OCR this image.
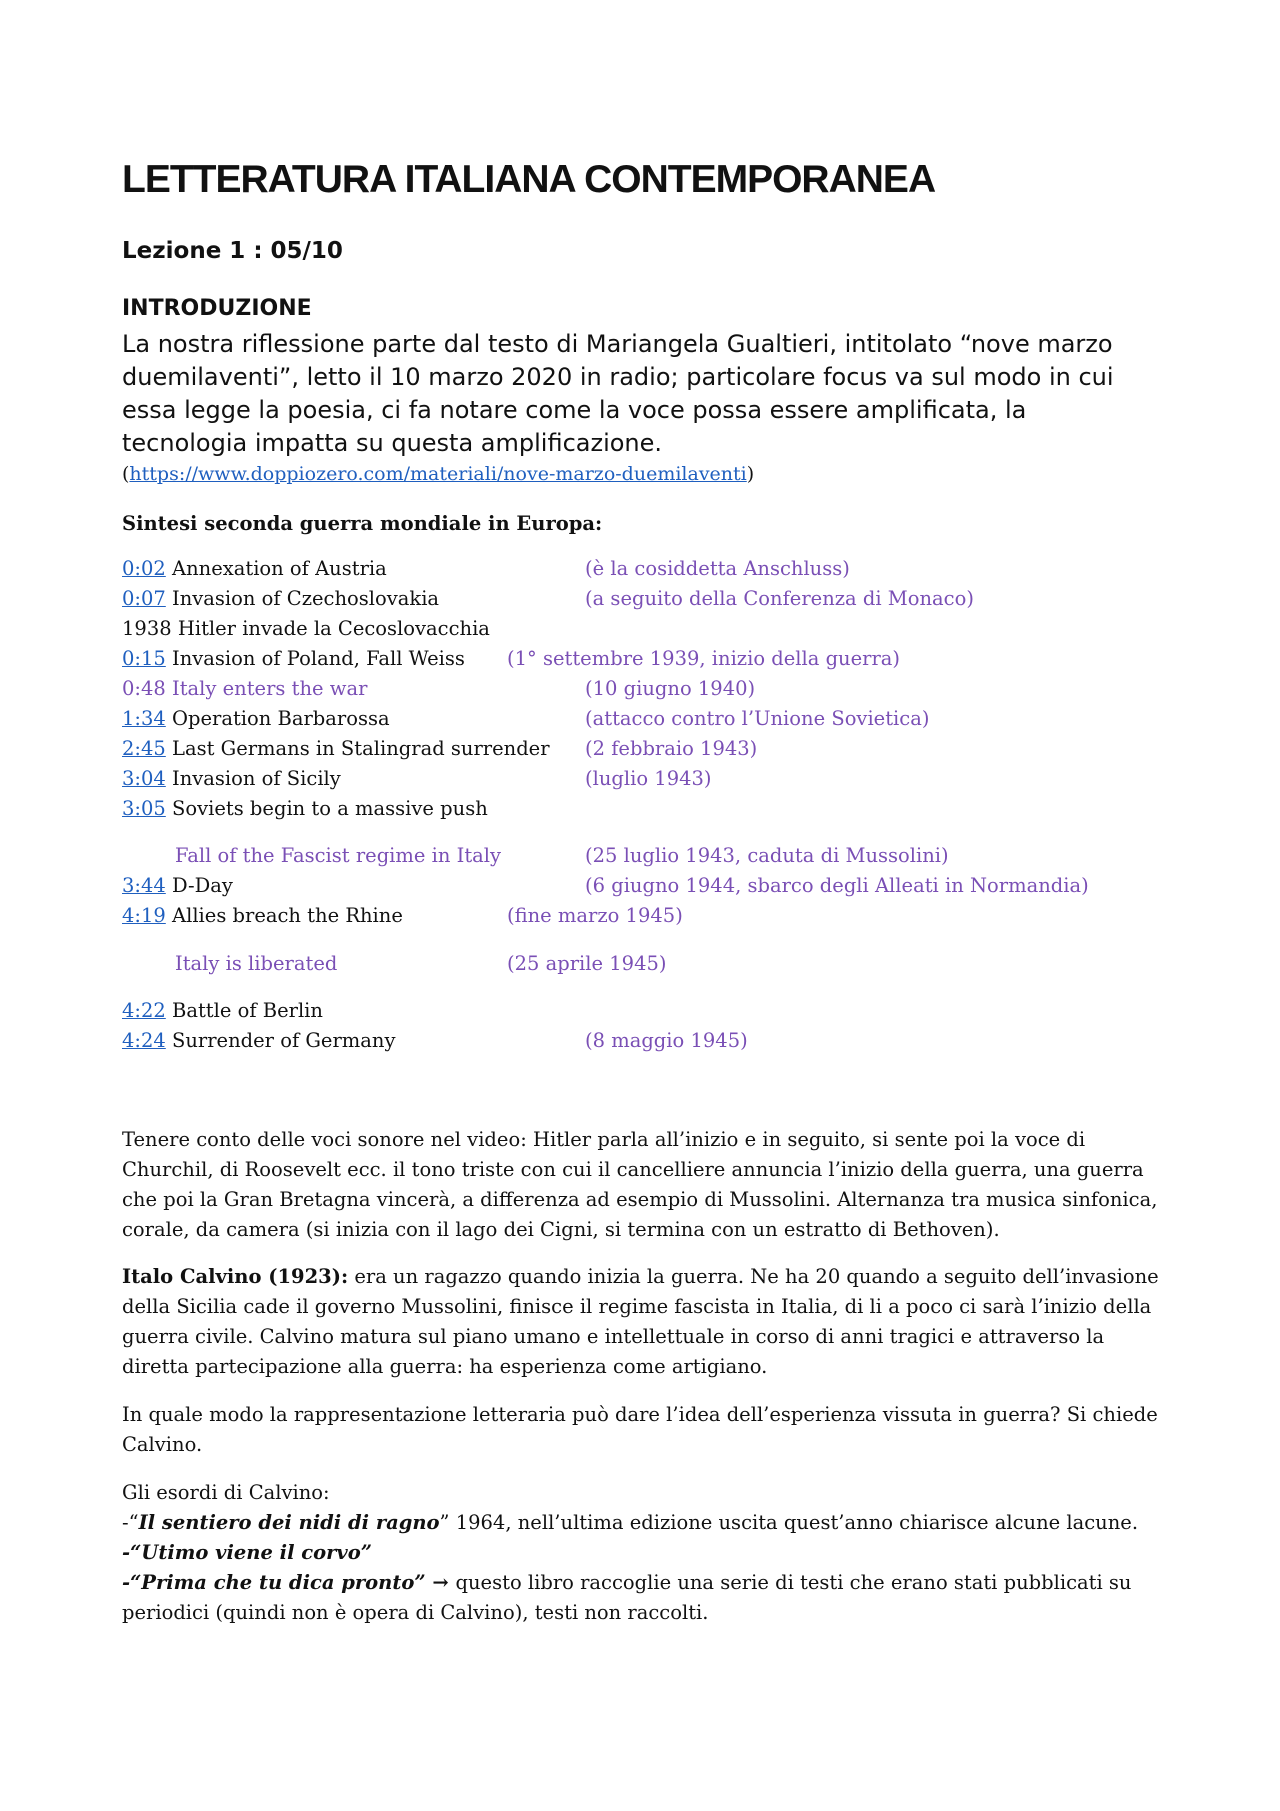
LETTERATURA ITALIANA CONTEMPORANEA
Lezione 1 : 05/10
INTRODUZIONE

La nostra riflessione parte dal testo di Mariangela Gualtieri, intitolato “nove marzo duemilaventi”, letto il 10 marzo 2020 in radio; particolare focus va sul modo in cui essa legge la poesia, ci fa notare come la voce possa essere amplificata, la tecnologia impatta su questa amplificazione.

(https://www.doppiozero.com/materiali/nove-marzo-duemilaventi)
Sintesi seconda guerra mondiale in Europa:
0:02 Annexation of Austria	(è la cosiddetta Anschluss)
0:07 Invasion of Czechoslovakia	(a seguito della Conferenza di Monaco)
1938 Hitler invade la Cecoslovacchia
0:15 Invasion of Poland, Fall Weiss (1° settembre 1939, inizio della guerra)
0:48 Italy enters the war	(10 giugno 1940)
1:34 Operation Barbarossa	(attacco contro l’Unione Sovietica)
2:45 Last Germans in Stalingrad surrender (2 febbraio 1943)
3:04 Invasion of Sicily	(luglio 1943)
3:05 Soviets begin to a massive push
Fall of the Fascist regime in Italy	(25 luglio 1943, caduta di Mussolini)
3:44 D-Day	(6 giugno 1944, sbarco degli Alleati in Normandia)
4:19 Allies breach the Rhine	(fine marzo 1945)
Italy is liberated	(25 aprile 1945)
4:22 Battle of Berlin
4:24 Surrender of Germany	(8 maggio 1945)

Tenere conto delle voci sonore nel video: Hitler parla all’inizio e in seguito, si sente poi la voce di Churchil, di Roosevelt ecc. il tono triste con cui il cancelliere annuncia l’inizio della guerra, una guerra che poi la Gran Bretagna vincerà, a differenza ad esempio di Mussolini. Alternanza tra musica sinfonica, corale, da camera (si inizia con il lago dei Cigni, si termina con un estratto di Bethoven).

Italo Calvino (1923): era un ragazzo quando inizia la guerra. Ne ha 20 quando a seguito dell’invasione della Sicilia cade il governo Mussolini, finisce il regime fascista in Italia, di li a poco ci sarà l’inizio della guerra civile. Calvino matura sul piano umano e intellettuale in corso di anni tragici e attraverso la diretta partecipazione alla guerra: ha esperienza come artigiano.

In quale modo la rappresentazione letteraria può dare l’idea dell’esperienza vissuta in guerra? Si chiede Calvino.

Gli esordi di Calvino:
-“Il sentiero dei nidi di ragno” 1964, nell’ultima edizione uscita quest’anno chiarisce alcune lacune.
-“Utimo viene il corvo”
-“Prima che tu dica pronto” → questo libro raccoglie una serie di testi che erano stati pubblicati su periodici (quindi non è opera di Calvino), testi non raccolti.
